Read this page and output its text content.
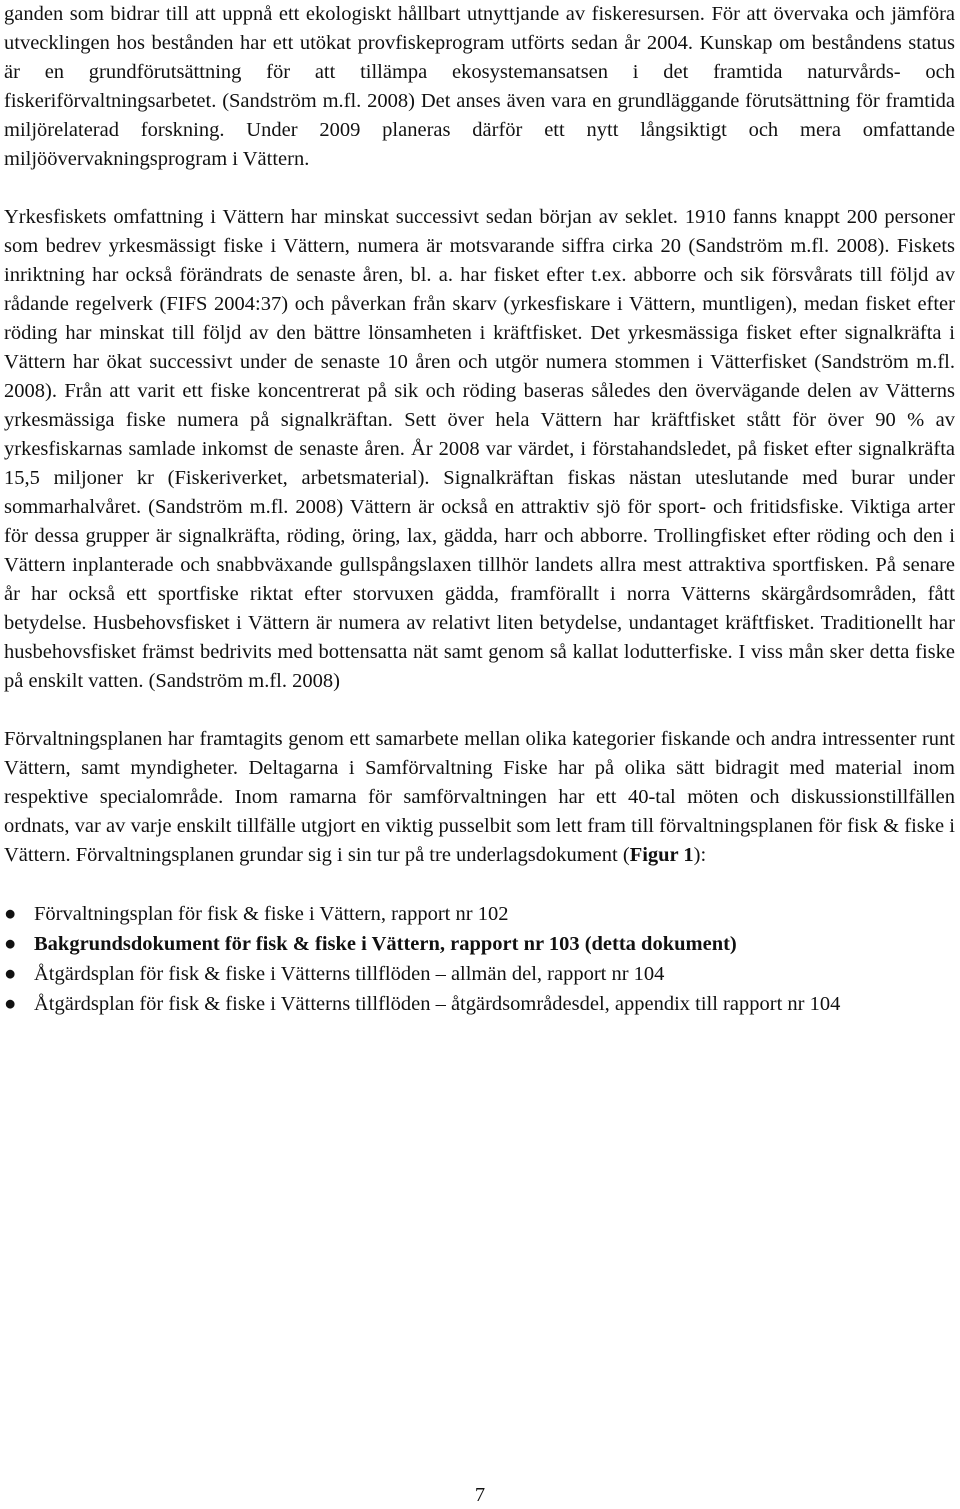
ganden som bidrar till att uppnå ett ekologiskt hållbart utnyttjande av fiskeresursen. För att övervaka och jämföra utvecklingen hos bestånden har ett utökat provfiskeprogram utförts sedan år 2004. Kunskap om beståndens status är en grundförutsättning för att tillämpa ekosystemansatsen i det framtida naturvårds- och fiskeriförvaltningsarbetet. (Sandström m.fl. 2008) Det anses även vara en grundläggande förutsättning för framtida miljörelaterad forskning. Under 2009 planeras därför ett nytt långsiktigt och mera omfattande miljöövervakningsprogram i Vättern.

Yrkesfiskets omfattning i Vättern har minskat successivt sedan början av seklet. 1910 fanns knappt 200 personer som bedrev yrkesmässigt fiske i Vättern, numera är motsvarande siffra cirka 20 (Sandström m.fl. 2008). Fiskets inriktning har också förändrats de senaste åren, bl. a. har fisket efter t.ex. abborre och sik försvårats till följd av rådande regelverk (FIFS 2004:37) och påverkan från skarv (yrkesfiskare i Vättern, muntligen), medan fisket efter röding har minskat till följd av den bättre lönsamheten i kräftfisket. Det yrkesmässiga fisket efter signalkräfta i Vättern har ökat successivt under de senaste 10 åren och utgör numera stommen i Vätterfisket (Sandström m.fl. 2008). Från att varit ett fiske koncentrerat på sik och röding baseras således den övervägande delen av Vätterns yrkesmässiga fiske numera på signalkräftan. Sett över hela Vättern har kräftfisket stått för över 90 % av yrkesfiskarnas samlade inkomst de senaste åren. År 2008 var värdet, i förstahandsledet, på fisket efter signalkräfta 15,5 miljoner kr (Fiskeriverket, arbetsmaterial). Signalkräftan fiskas nästan uteslutande med burar under sommarhalvåret. (Sandström m.fl. 2008) Vättern är också en attraktiv sjö för sport- och fritidsfiske. Viktiga arter för dessa grupper är signalkräfta, röding, öring, lax, gädda, harr och abborre. Trollingfisket efter röding och den i Vättern inplanterade och snabbväxande gullspångslaxen tillhör landets allra mest attraktiva sportfisken. På senare år har också ett sportfiske riktat efter storvuxen gädda, framförallt i norra Vätterns skärgårdsområden, fått betydelse. Husbehovsfisket i Vättern är numera av relativt liten betydelse, undantaget kräftfisket. Traditionellt har husbehovsfisket främst bedrivits med bottensatta nät samt genom så kallat lodutterfiske. I viss mån sker detta fiske på enskilt vatten. (Sandström m.fl. 2008)

Förvaltningsplanen har framtagits genom ett samarbete mellan olika kategorier fiskande och andra intressenter runt Vättern, samt myndigheter. Deltagarna i Samförvaltning Fiske har på olika sätt bidragit med material inom respektive specialområde. Inom ramarna för samförvaltningen har ett 40-tal möten och diskussionstillfällen ordnats, var av varje enskilt tillfälle utgjort en viktig pusselbit som lett fram till förvaltningsplanen för fisk & fiske i Vättern. Förvaltningsplanen grundar sig i sin tur på tre underlagsdokument (Figur 1):

● Förvaltningsplan för fisk & fiske i Vättern, rapport nr 102
● Bakgrundsdokument för fisk & fiske i Vättern, rapport nr 103 (detta dokument)
● Åtgärdsplan för fisk & fiske i Vätterns tillflöden – allmän del, rapport nr 104
● Åtgärdsplan för fisk & fiske i Vätterns tillflöden – åtgärdsområdesdel, appendix till rapport nr 104
7
